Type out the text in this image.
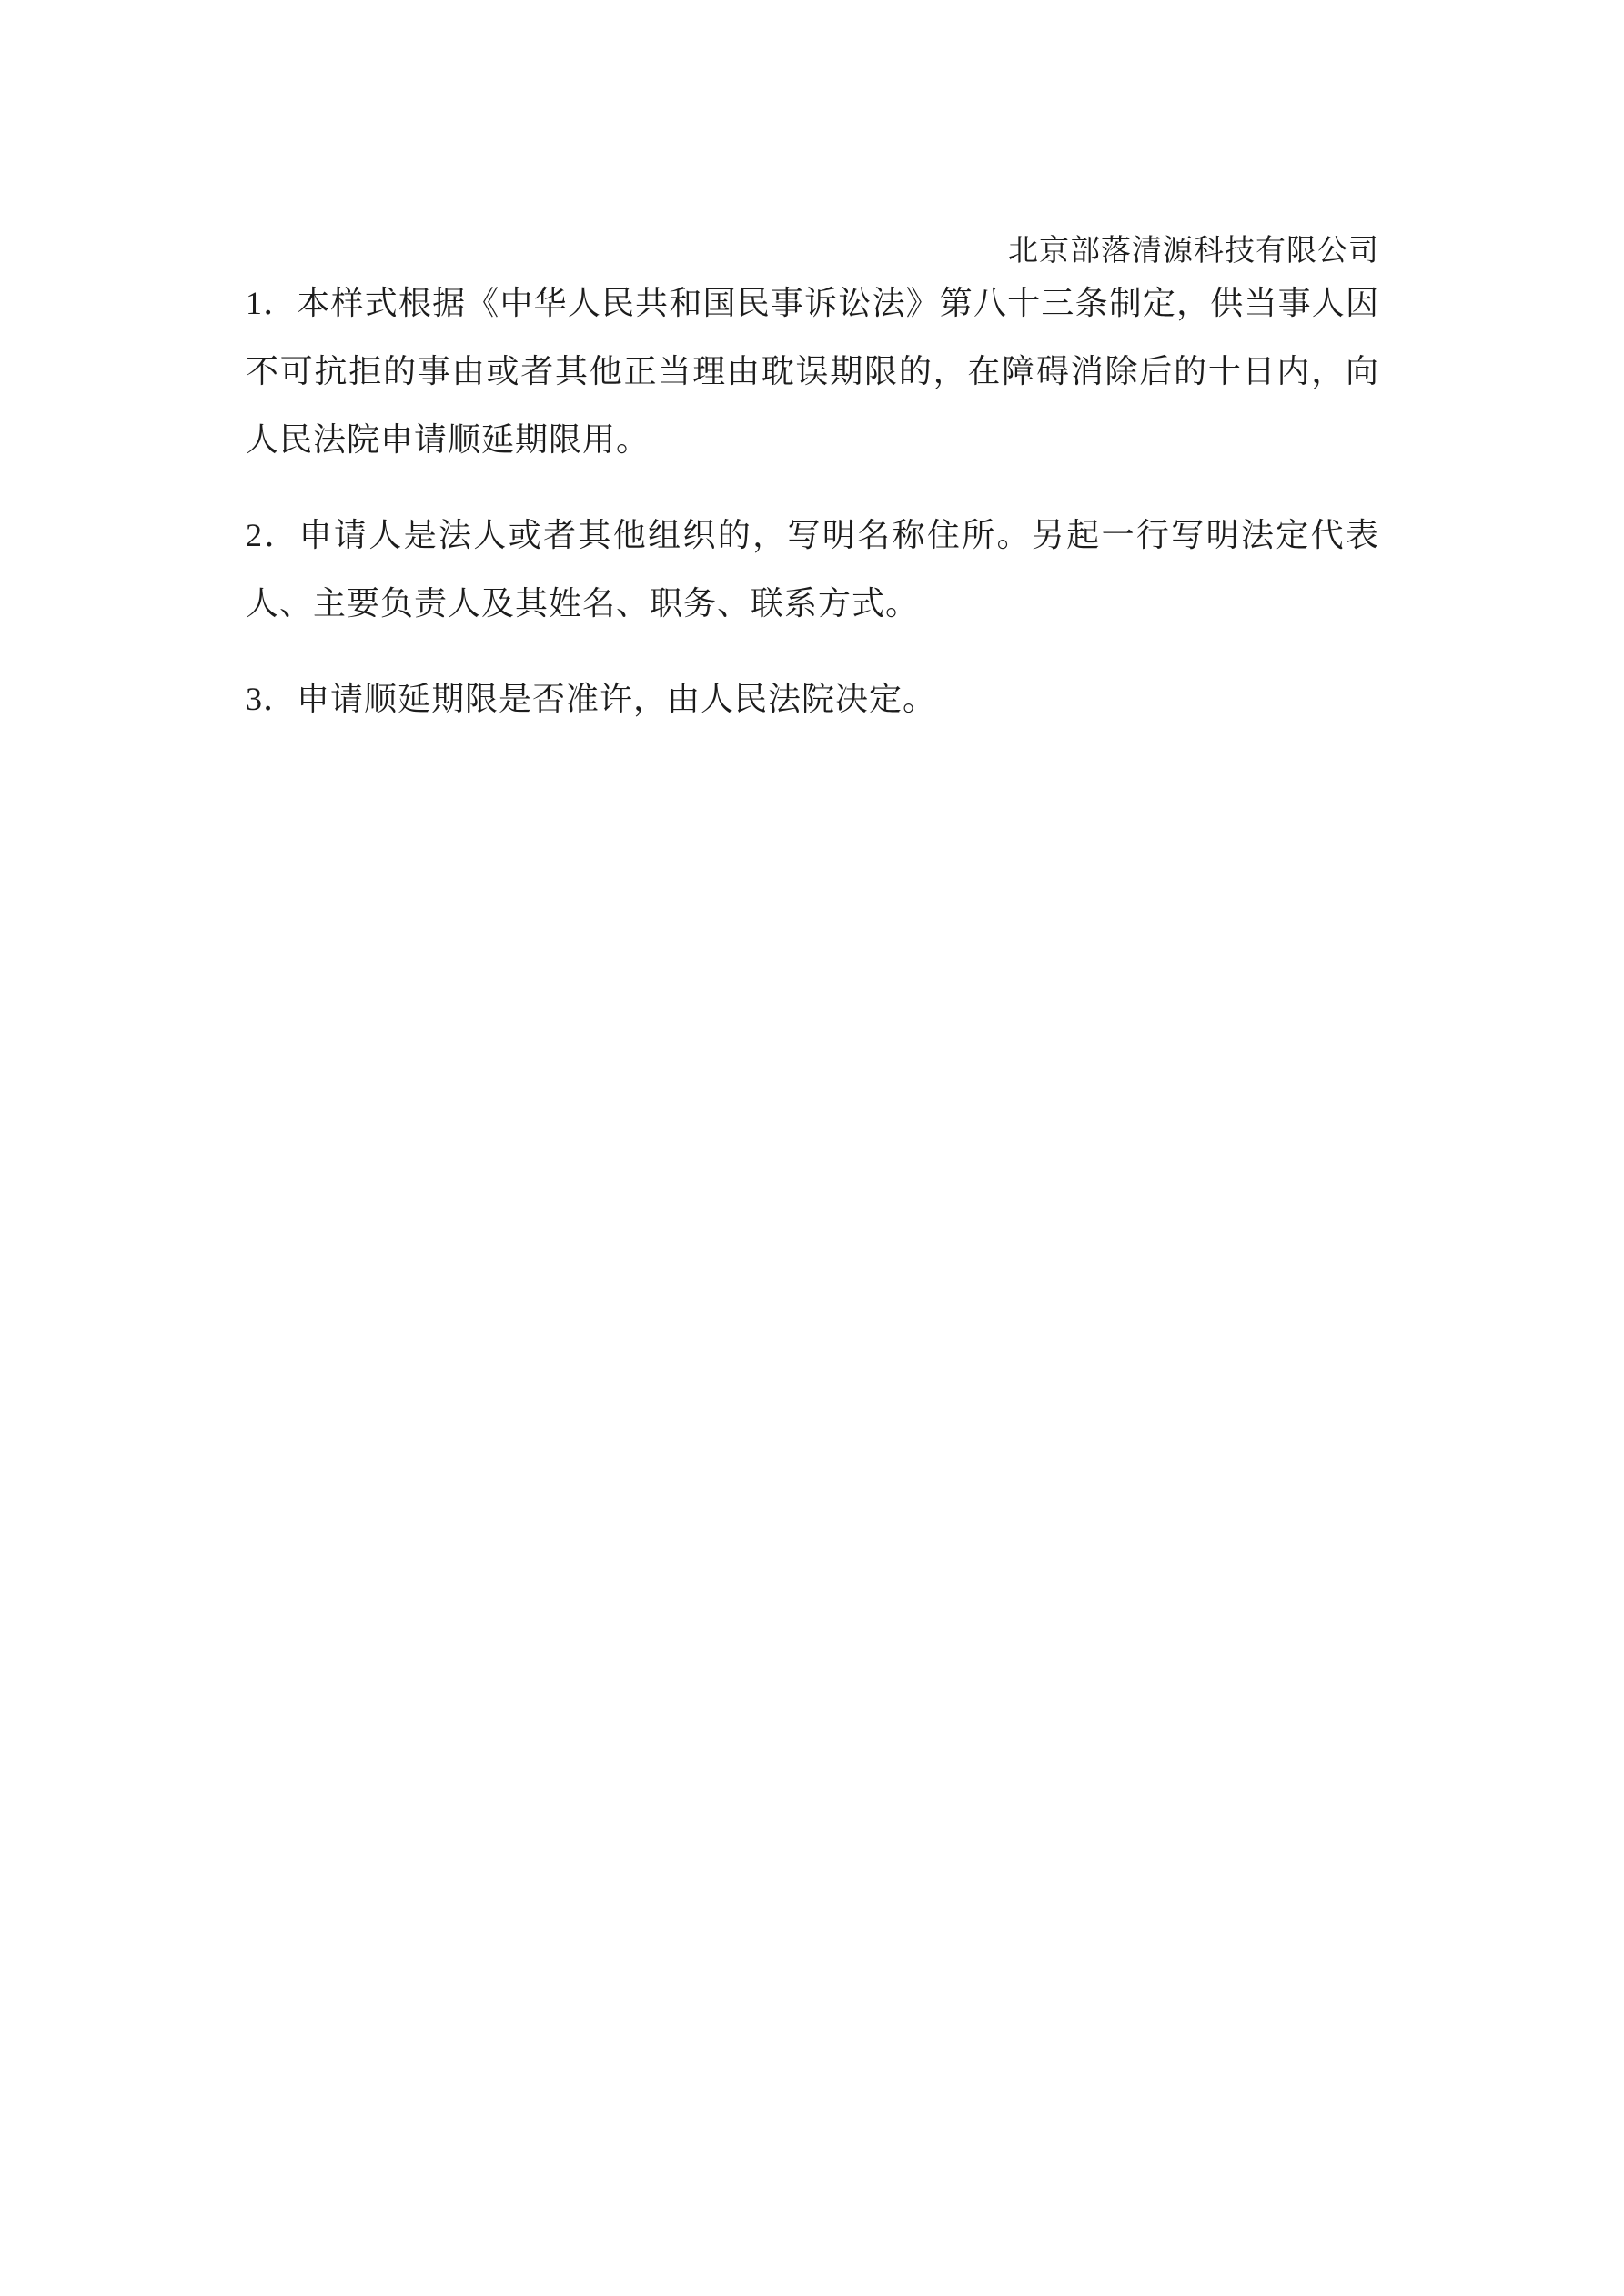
北京部落清源科技有限公司

1．本样式根据《中华人民共和国民事诉讼法》第八十三条制定，供当事人因不可抗拒的事由或者其他正当理由耽误期限的，在障碍消除后的十日内，向人民法院申请顺延期限用。

2．申请人是法人或者其他组织的，写明名称住所。另起一行写明法定代表人、主要负责人及其姓名、职务、联系方式。

3．申请顺延期限是否准许，由人民法院决定。
